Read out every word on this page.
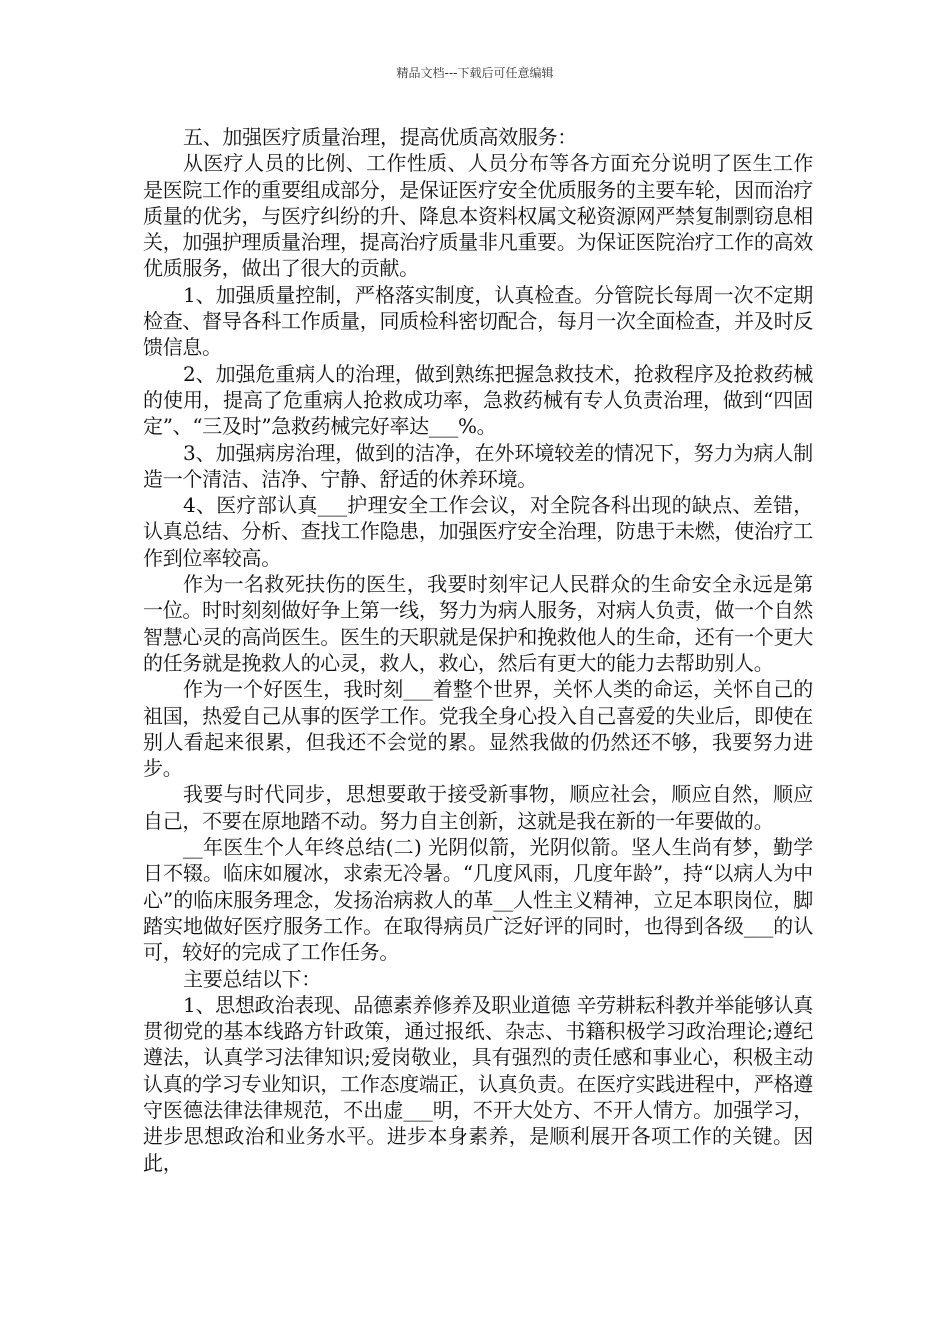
精品文档---下载后可任意编辑

五、加强医疗质量治理，提高优质高效服务：

从医疗人员的比例、工作性质、人员分布等各方面充分说明了医生工作是医院工作的重要组成部分，是保证医疗安全优质服务的主要车轮，因而治疗质量的优劣，与医疗纠纷的升、降息本资料权属文秘资源网严禁复制剽窃息相关，加强护理质量治理，提高治疗质量非凡重要。为保证医院治疗工作的高效优质服务，做出了很大的贡献。

1、加强质量控制，严格落实制度，认真检查。分管院长每周一次不定期检查、督导各科工作质量，同质检科密切配合，每月一次全面检查，并及时反馈信息。

2、加强危重病人的治理，做到熟练把握急救技术，抢救程序及抢救药械的使用，提高了危重病人抢救成功率，急救药械有专人负责治理，做到“四固定”、“三及时”急救药械完好率达___%。

3、加强病房治理，做到的洁净，在外环境较差的情况下，努力为病人制造一个清洁、洁净、宁静、舒适的休养环境。

4、医疗部认真___护理安全工作会议，对全院各科出现的缺点、差错，认真总结、分析、查找工作隐患，加强医疗安全治理，防患于未燃，使治疗工作到位率较高。

作为一名救死扶伤的医生，我要时刻牢记人民群众的生命安全永远是第一位。时时刻刻做好争上第一线，努力为病人服务，对病人负责，做一个自然智慧心灵的高尚医生。医生的天职就是保护和挽救他人的生命，还有一个更大的任务就是挽救人的心灵，救人，救心，然后有更大的能力去帮助别人。

作为一个好医生，我时刻___着整个世界，关怀人类的命运，关怀自己的祖国，热爱自己从事的医学工作。党我全身心投入自己喜爱的失业后，即使在别人看起来很累，但我还不会觉的累。显然我做的仍然还不够，我要努力进步。

我要与时代同步，思想要敢于接受新事物，顺应社会，顺应自然，顺应自己，不要在原地踏不动。努力自主创新，这就是我在新的一年要做的。

__年医生个人年终总结(二) 光阴似箭，光阴似箭。坚人生尚有梦，勤学日不辍。临床如履冰，求索无冷暑。“几度风雨，几度年龄”，持“以病人为中心”的临床服务理念，发扬治病救人的革__人性主义精神，立足本职岗位，脚踏实地做好医疗服务工作。在取得病员广泛好评的同时，也得到各级___的认可，较好的完成了工作任务。

主要总结以下：

1、思想政治表现、品德素养修养及职业道德 辛劳耕耘科教并举能够认真贯彻党的基本线路方针政策，通过报纸、杂志、书籍积极学习政治理论;遵纪遵法，认真学习法律知识;爱岗敬业，具有强烈的责任感和事业心，积极主动认真的学习专业知识，工作态度端正，认真负责。在医疗实践进程中，严格遵守医德法律法律规范，不出虚___明，不开大处方、不开人情方。加强学习，进步思想政治和业务水平。进步本身素养，是顺利展开各项工作的关键。因此，
